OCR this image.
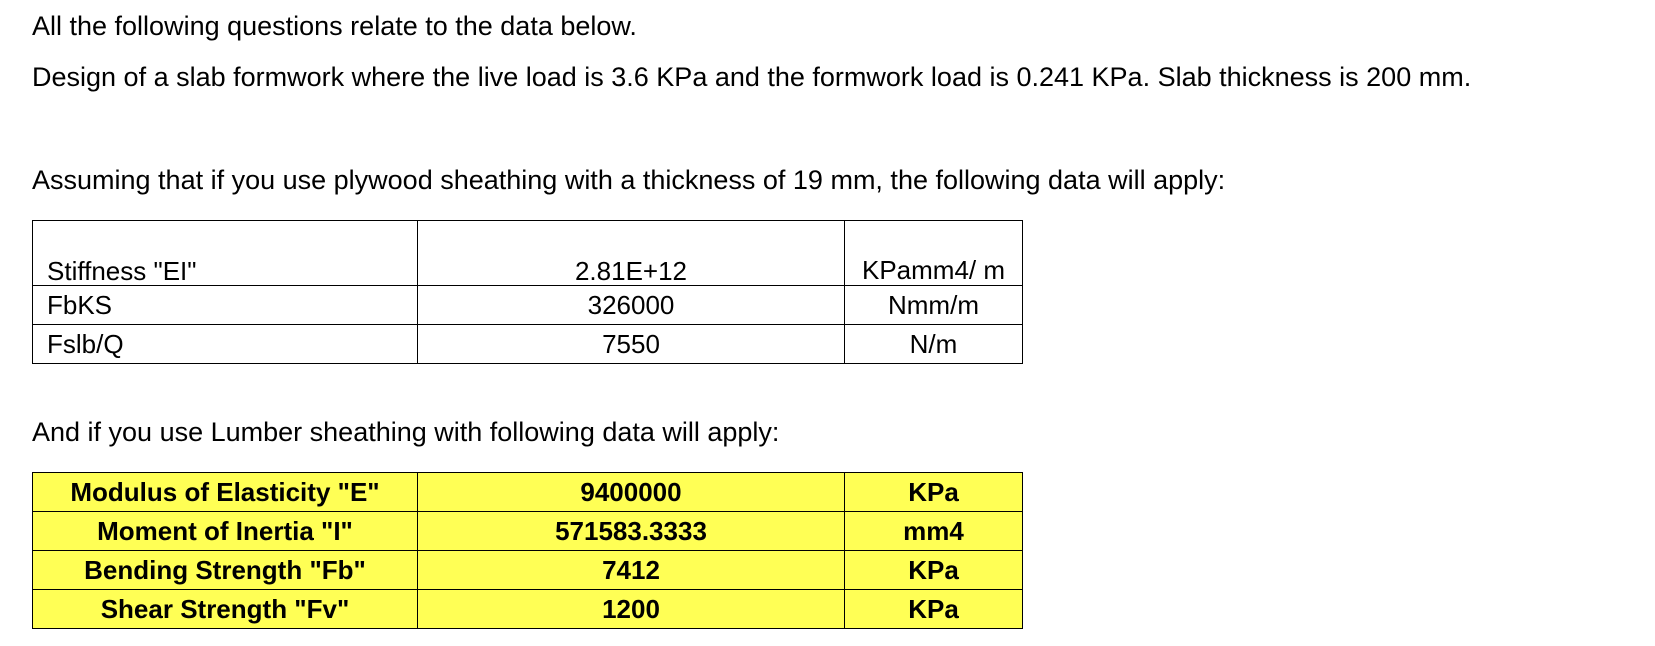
All the following questions relate to the data below.
Design of a slab formwork where the live load is 3.6 KPa and the formwork load is 0.241 KPa. Slab thickness is 200 mm.
Assuming that if you use plywood sheathing with a thickness of 19 mm, the following data will apply:
Stiffness "EI"	2.81E+12	KPamm4/ m
FbKS	326000	Nmm/m
Fslb/Q	7550	N/m
And if you use Lumber sheathing with following data will apply:
Modulus of Elasticity "E"	9400000	KPa
Moment of Inertia "I"	571583.3333	mm4
Bending Strength "Fb"	7412	KPa
Shear Strength "Fv"	1200	KPa
